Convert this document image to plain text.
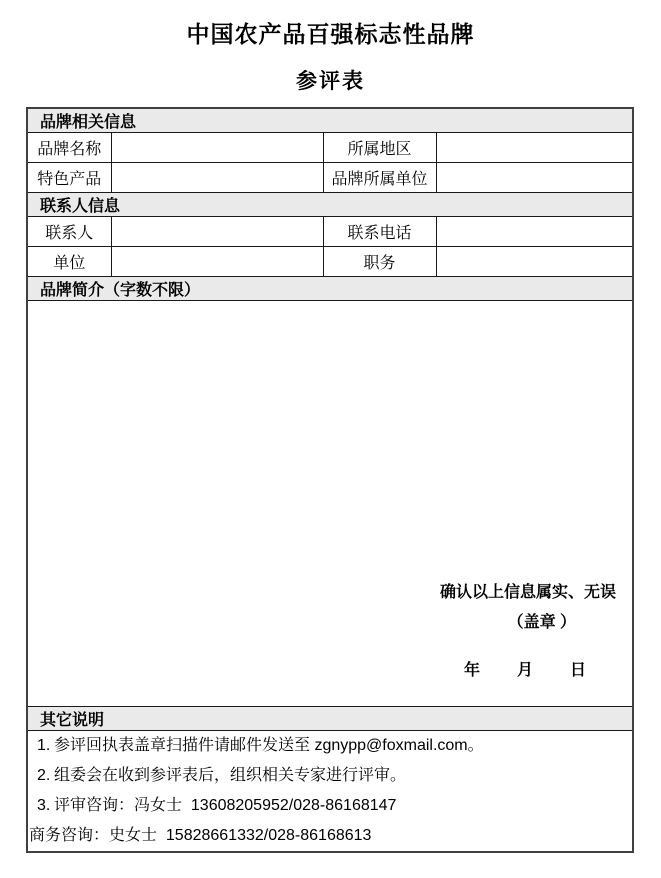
中国农产品百强标志性品牌
参评表
品牌相关信息			
品牌名称		所属地区	
特色产品		品牌所属单位	
联系人信息			
联系人		联系电话	
单位		职务	
品牌简介（字数不限）			

确认以上信息属实、无误
（盖章 ）
年 月 日			

其它说明			

1. 参评回执表盖章扫描件请邮件发送至 zgnypp@foxmail.com。
2. 组委会在收到参评表后，组织相关专家进行评审。
3. 评审咨询：冯女士  13608205952/028-86168147
商务咨询：史女士  15828661332/028-86168613
